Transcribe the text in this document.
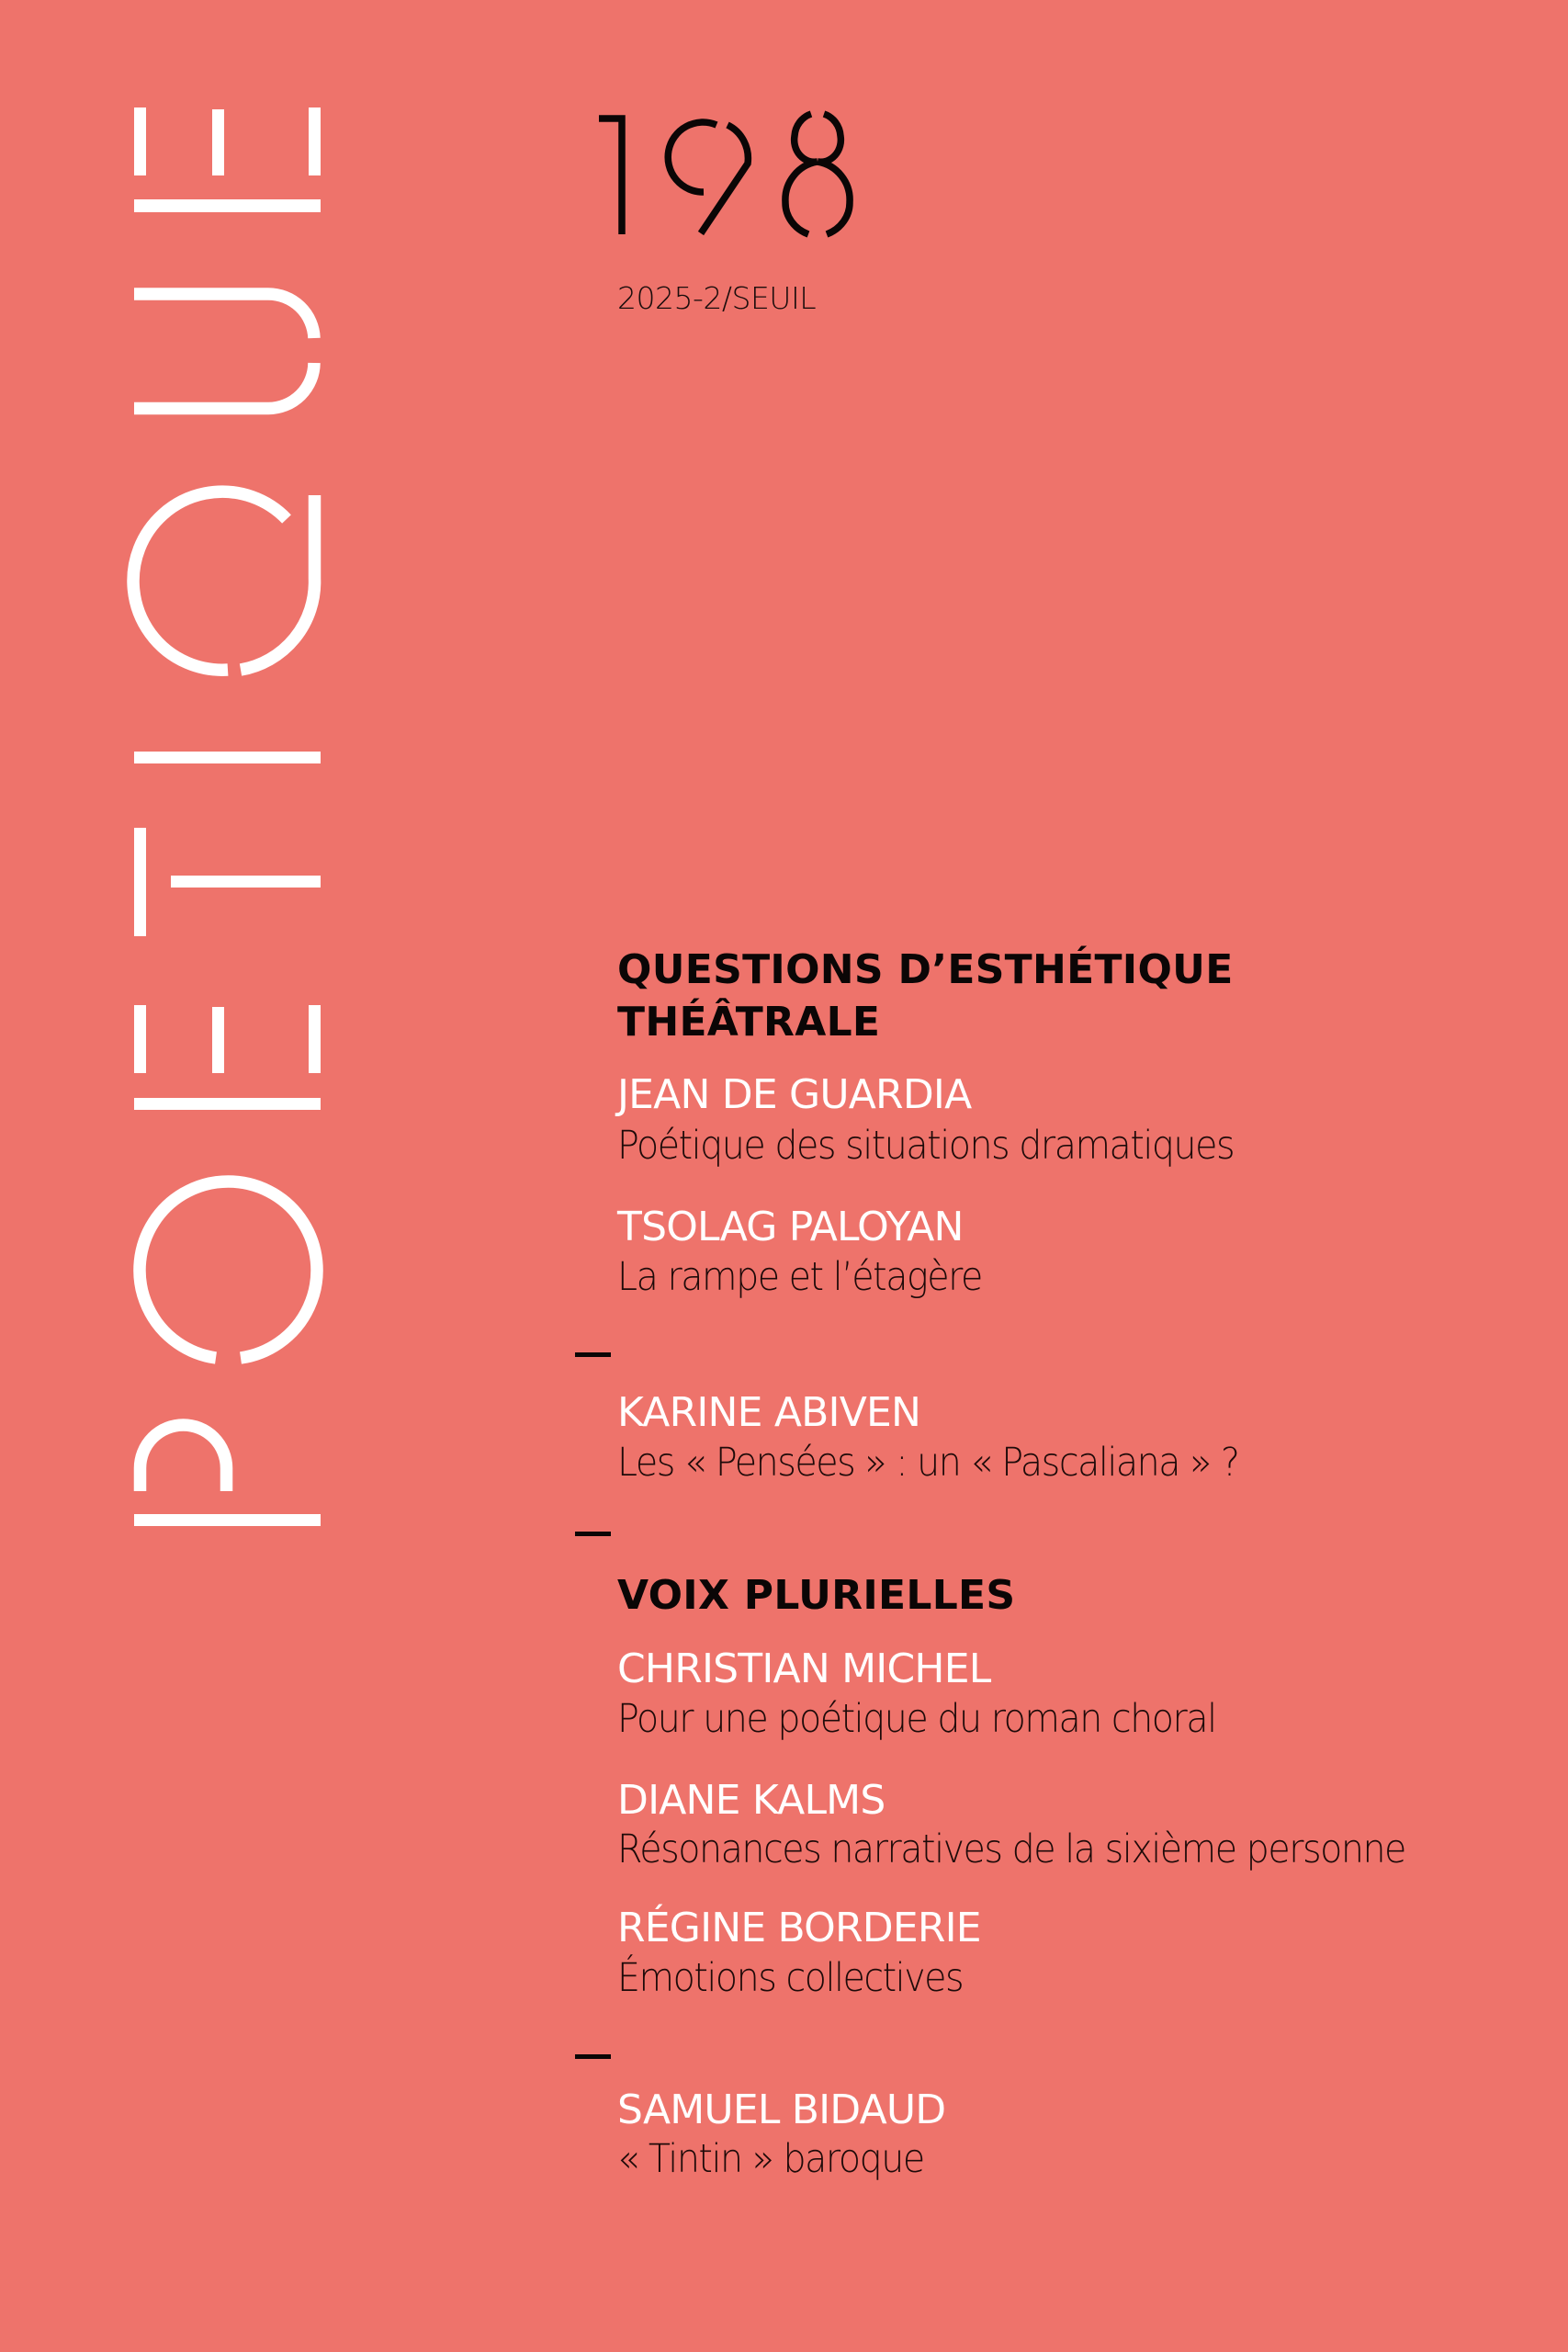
2025-2/SEUIL
QUESTIONS D’ESTHÉTIQUE
THÉÂTRALE
JEAN DE GUARDIA
Poétique des situations dramatiques
TSOLAG PALOYAN
La rampe et l’étagère
KARINE ABIVEN
Les « Pensées » : un « Pascaliana » ?
VOIX PLURIELLES
CHRISTIAN MICHEL
Pour une poétique du roman choral
DIANE KALMS
Résonances narratives de la sixième personne
RÉGINE BORDERIE
Émotions collectives
SAMUEL BIDAUD
« Tintin » baroque
